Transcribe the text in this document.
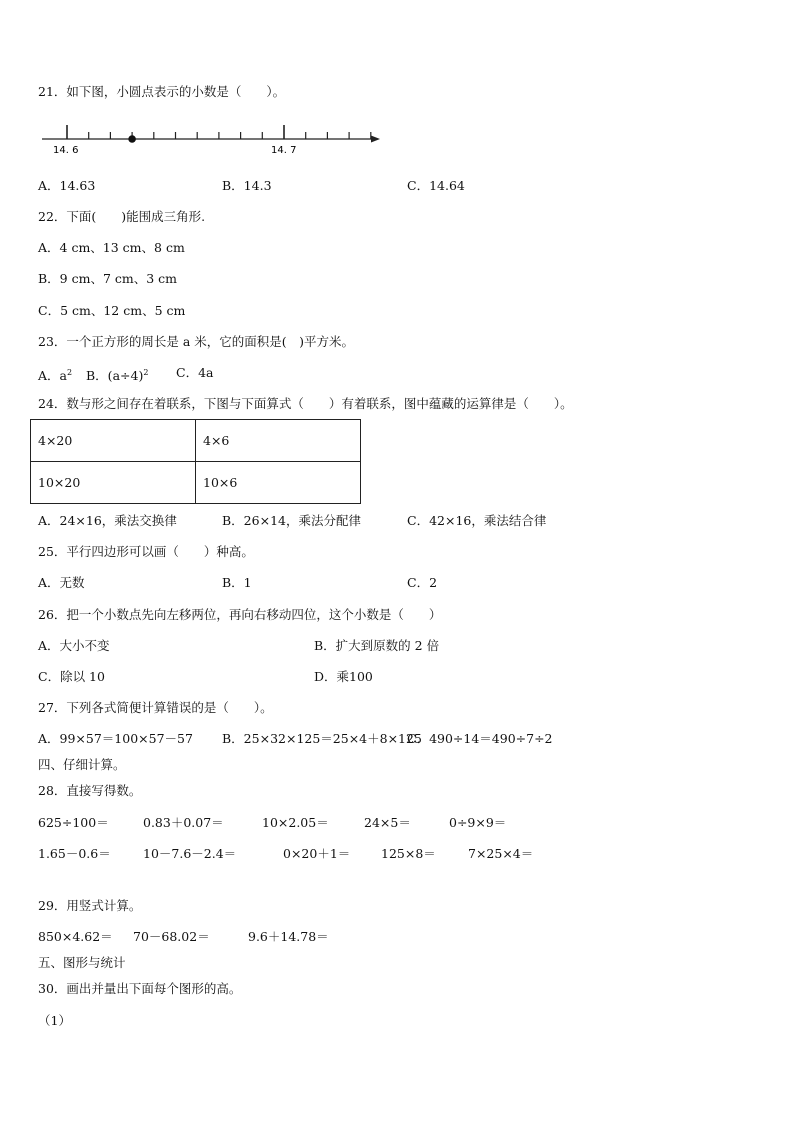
21．如下图，小圆点表示的小数是（　　）。
14. 6	14. 7
A．14.63	B．14.3	C．14.64
22．下面(　　)能围成三角形.
A．4 cm、13 cm、8 cm
B．9 cm、7 cm、3 cm
C．5 cm、12 cm、5 cm
23．一个正方形的周长是 a 米，它的面积是(　)平方米。
A．$a^2$ B．$(a\div 4)^2$ C．4a
24．数与形之间存在着联系，下图与下面算式（　　）有着联系，图中蕴藏的运算律是（　　）。
4×20	4×6
10×20	10×6
A．24×16，乘法交换律	B．26×14，乘法分配律	C．42×16，乘法结合律
25．平行四边形可以画（　　）种高。
A．无数	B．1	C．2
26．把一个小数点先向左移两位，再向右移动四位，这个小数是（　　）
A．大小不变	B．扩大到原数的 2 倍
C．除以 10	D．乘100
27．下列各式简便计算错误的是（　　）。
A．99×57＝100×57－57 B．25×32×125＝25×4＋8×125
C．490÷14＝490÷7÷2
四、仔细计算。
28．直接写得数。
625÷100＝	0.83＋0.07＝	10×2.05＝	24×5＝	0÷9×9＝
1.65－0.6＝	10－7.6－2.4＝	0×20＋1＝ 125×8＝	7×25×4＝
29．用竖式计算。
850×4.62＝ 70－68.02＝	9.6＋14.78＝
五、图形与统计
30．画出并量出下面每个图形的高。
（1）
